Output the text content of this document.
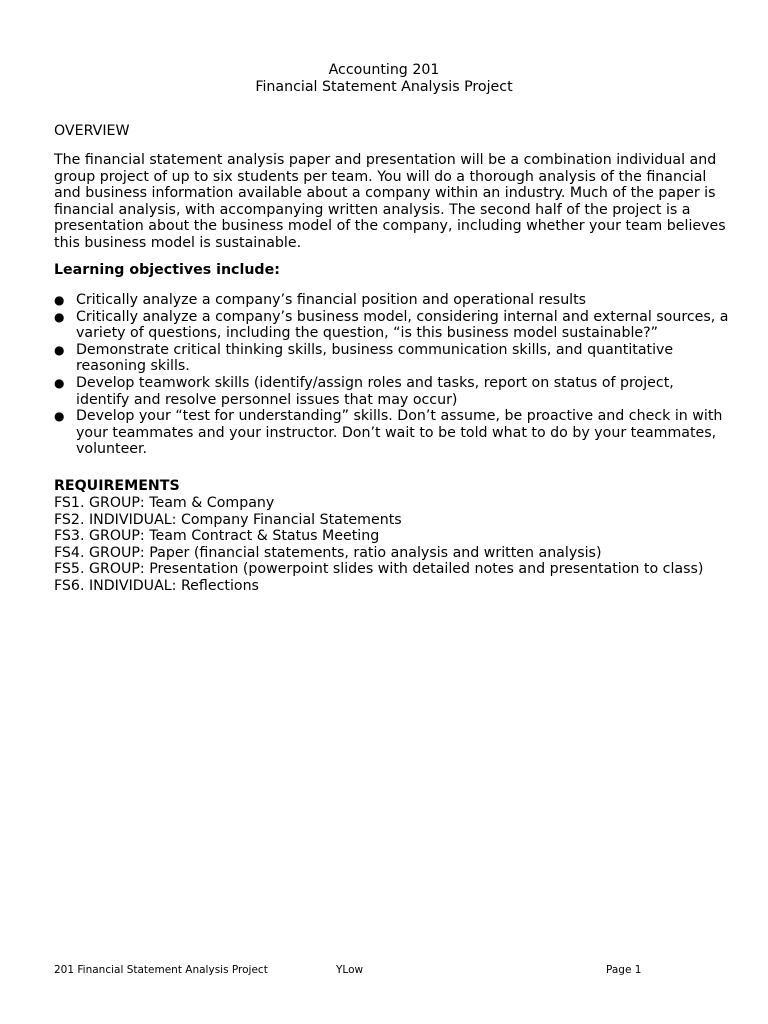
Accounting 201
Financial Statement Analysis Project
OVERVIEW
The financial statement analysis paper and presentation will be a combination individual and
group project of up to six students per team. You will do a thorough analysis of the financial
and business information available about a company within an industry. Much of the paper is
financial analysis, with accompanying written analysis. The second half of the project is a
presentation about the business model of the company, including whether your team believes
this business model is sustainable.
Learning objectives include:
● Critically analyze a company’s financial position and operational results
● Critically analyze a company’s business model, considering internal and external sources, a
variety of questions, including the question, “is this business model sustainable?”
● Demonstrate critical thinking skills, business communication skills, and quantitative
reasoning skills.
● Develop teamwork skills (identify/assign roles and tasks, report on status of project,
identify and resolve personnel issues that may occur)
● Develop your “test for understanding” skills. Don’t assume, be proactive and check in with
your teammates and your instructor. Don’t wait to be told what to do by your teammates,
volunteer.
REQUIREMENTS
FS1. GROUP: Team & Company
FS2. INDIVIDUAL: Company Financial Statements
FS3. GROUP: Team Contract & Status Meeting
FS4. GROUP: Paper (financial statements, ratio analysis and written analysis)
FS5. GROUP: Presentation (powerpoint slides with detailed notes and presentation to class)
FS6. INDIVIDUAL: Reflections
201 Financial Statement Analysis Project	YLow	Page 1
